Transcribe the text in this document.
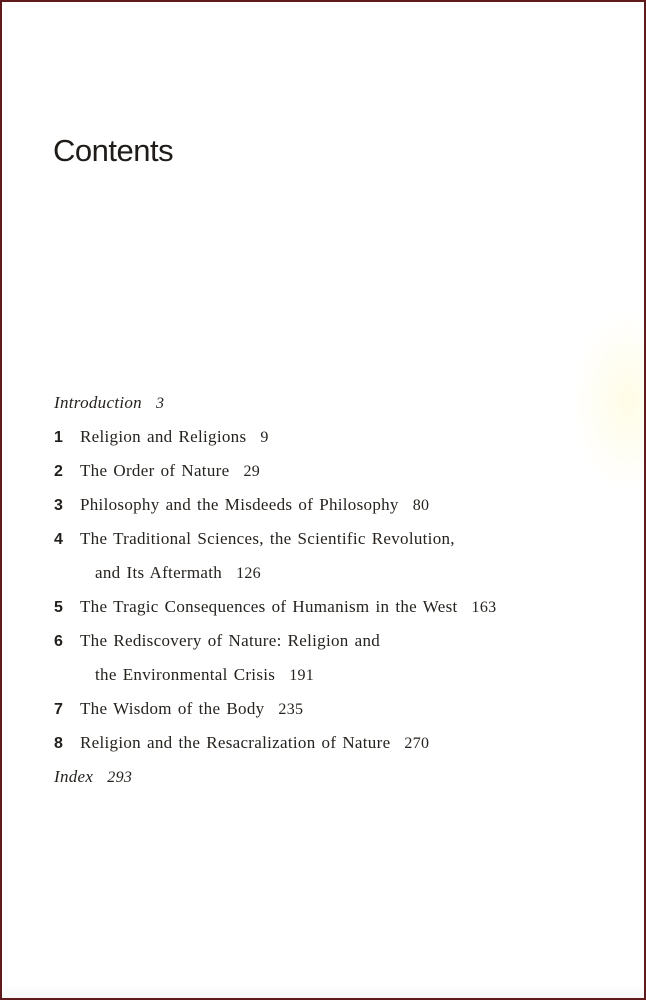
Contents
Introduction 3
1 Religion and Religions 9
2 The Order of Nature 29
3 Philosophy and the Misdeeds of Philosophy 80
4 The Traditional Sciences, the Scientific Revolution,
and Its Aftermath 126
5 The Tragic Consequences of Humanism in the West 163
6 The Rediscovery of Nature: Religion and
the Environmental Crisis 191
7 The Wisdom of the Body 235
8 Religion and the Resacralization of Nature 270
Index 293
